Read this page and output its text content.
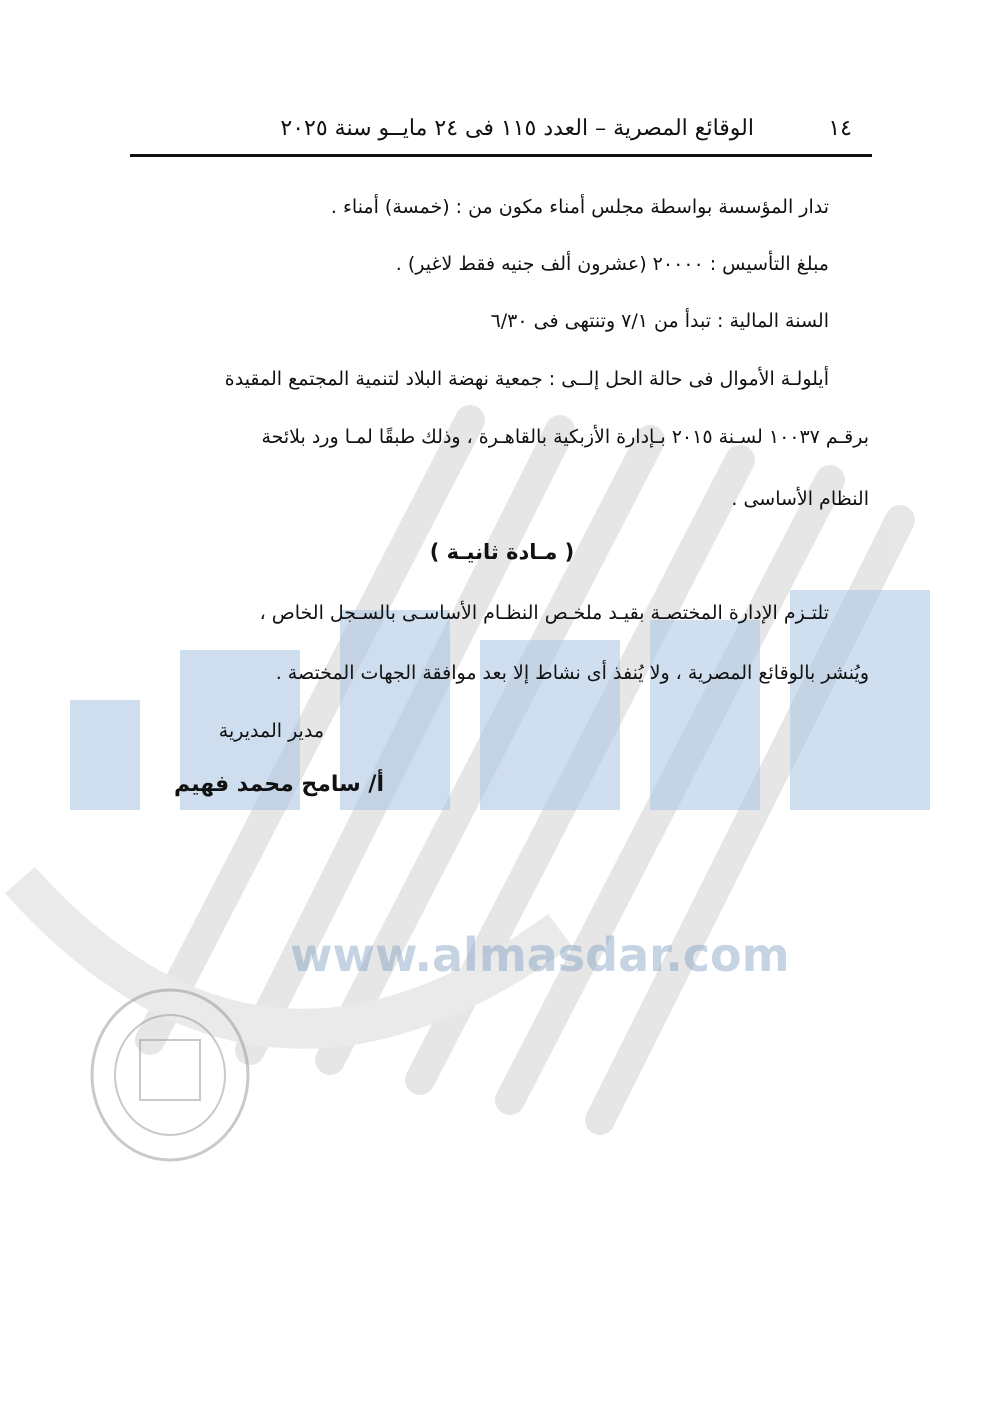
www.almasdar.com
١٤
الوقائع المصرية – العدد ١١٥ فى ٢٤ مايــو سنة ٢٠٢٥
تدار المؤسسة بواسطة مجلس أمناء مكون من : (خمسة) أمناء .
مبلغ التأسيس : ٢٠٠٠٠ (عشرون ألف جنيه فقط لاغير) .
السنة المالية : تبدأ من ٧/١ وتنتهى فى ٦/٣٠
أيلولـة الأموال فى حالة الحل إلــى : جمعية نهضة البلاد لتنمية المجتمع المقيدة
برقـم ١٠٠٣٧ لسـنة ٢٠١٥ بـإدارة الأزبكية بالقاهـرة ، وذلك طبقًا لمـا ورد بلائحة
النظام الأساسى .
( مـادة ثانيـة )
تلتـزم الإدارة المختصـة بقيـد ملخـص النظـام الأساسـى بالسـجل الخاص ،
ويُنشر بالوقائع المصرية ، ولا يُنفذ أى نشاط إلا بعد موافقة الجهات المختصة .
مدير المديرية
أ/ سامح محمد فهيم
